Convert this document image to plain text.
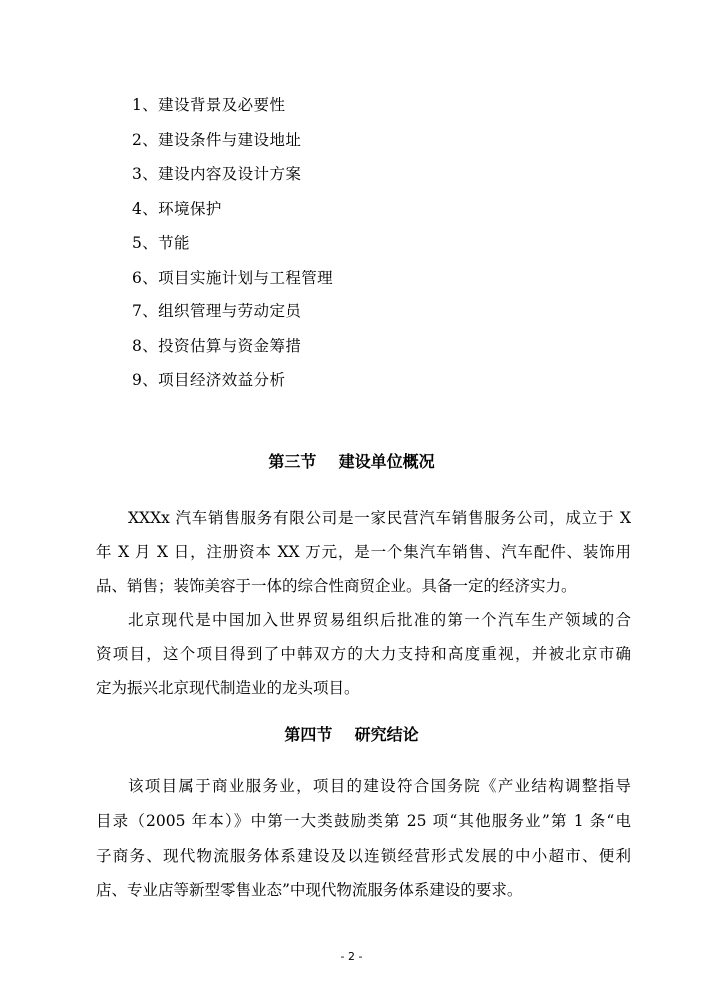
1、建设背景及必要性
2、建设条件与建设地址
3、建设内容及设计方案
4、环境保护
5、节能
6、项目实施计划与工程管理
7、组织管理与劳动定员
8、投资估算与资金筹措
9、项目经济效益分析
第三节    建设单位概况
XXXx 汽车销售服务有限公司是一家民营汽车销售服务公司，成立于 X
年 X 月 X 日，注册资本 XX 万元，是一个集汽车销售、汽车配件、装饰用
品、销售；装饰美容于一体的综合性商贸企业。具备一定的经济实力。
北京现代是中国加入世界贸易组织后批准的第一个汽车生产领域的合
资项目，这个项目得到了中韩双方的大力支持和高度重视，并被北京市确
定为振兴北京现代制造业的龙头项目。
第四节    研究结论
该项目属于商业服务业，项目的建设符合国务院《产业结构调整指导
目录（2005 年本）》中第一大类鼓励类第 25 项“其他服务业”第 1 条“电
子商务、现代物流服务体系建设及以连锁经营形式发展的中小超市、便利
店、专业店等新型零售业态”中现代物流服务体系建设的要求。
- 2 -
